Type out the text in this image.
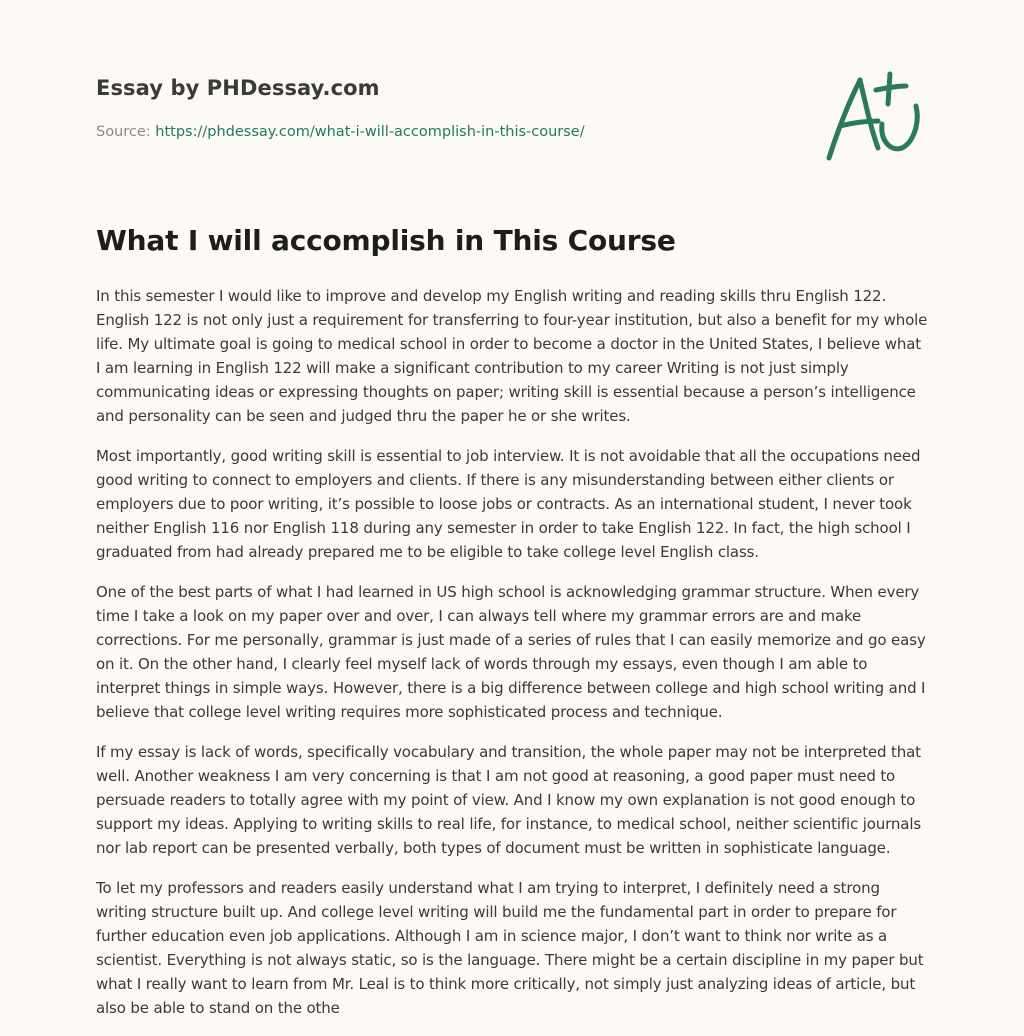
Essay by PHDessay.com
Source: https://phdessay.com/what-i-will-accomplish-in-this-course/
What I will accomplish in This Course

In this semester I would like to improve and develop my English writing and reading skills thru English 122. English 122 is not only just a requirement for transferring to four-year institution, but also a benefit for my whole life. My ultimate goal is going to medical school in order to become a doctor in the United States, I believe what I am learning in English 122 will make a significant contribution to my career Writing is not just simply communicating ideas or expressing thoughts on paper; writing skill is essential because a person’s intelligence and personality can be seen and judged thru the paper he or she writes.

Most importantly, good writing skill is essential to job interview. It is not avoidable that all the occupations need good writing to connect to employers and clients. If there is any misunderstanding between either clients or employers due to poor writing, it’s possible to loose jobs or contracts. As an international student, I never took neither English 116 nor English 118 during any semester in order to take English 122. In fact, the high school I graduated from had already prepared me to be eligible to take college level English class.

One of the best parts of what I had learned in US high school is acknowledging grammar structure. When every time I take a look on my paper over and over, I can always tell where my grammar errors are and make corrections. For me personally, grammar is just made of a series of rules that I can easily memorize and go easy on it. On the other hand, I clearly feel myself lack of words through my essays, even though I am able to interpret things in simple ways. However, there is a big difference between college and high school writing and I believe that college level writing requires more sophisticated process and technique.

If my essay is lack of words, specifically vocabulary and transition, the whole paper may not be interpreted that well. Another weakness I am very concerning is that I am not good at reasoning, a good paper must need to persuade readers to totally agree with my point of view. And I know my own explanation is not good enough to support my ideas. Applying to writing skills to real life, for instance, to medical school, neither scientific journals nor lab report can be presented verbally, both types of document must be written in sophisticate language.

To let my professors and readers easily understand what I am trying to interpret, I definitely need a strong writing structure built up. And college level writing will build me the fundamental part in order to prepare for further education even job applications. Although I am in science major, I don’t want to think nor write as a scientist. Everything is not always static, so is the language. There might be a certain discipline in my paper but what I really want to learn from Mr. Leal is to think more critically, not simply just analyzing ideas of article, but also be able to stand on the othe
